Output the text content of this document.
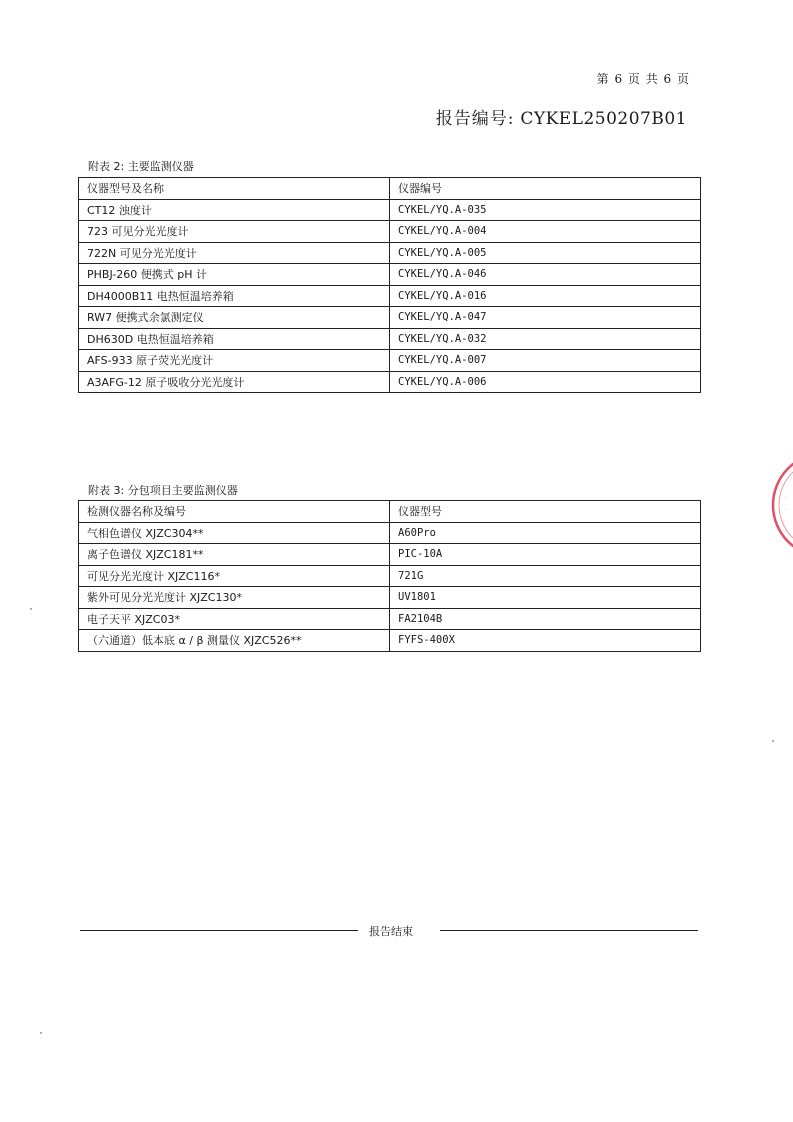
第 6 页 共 6 页
报告编号: CYKEL250207B01
附表 2: 主要监测仪器
仪器型号及名称	仪器编号
CT12 浊度计	CYKEL/YQ.A-035
723 可见分光光度计	CYKEL/YQ.A-004
722N 可见分光光度计	CYKEL/YQ.A-005
PHBJ-260 便携式 pH 计	CYKEL/YQ.A-046
DH4000B11 电热恒温培养箱	CYKEL/YQ.A-016
RW7 便携式余氯测定仪	CYKEL/YQ.A-047
DH630D 电热恒温培养箱	CYKEL/YQ.A-032
AFS-933 原子荧光光度计	CYKEL/YQ.A-007
A3AFG-12 原子吸收分光光度计	CYKEL/YQ.A-006
附表 3: 分包项目主要监测仪器
检测仪器名称及编号	仪器型号
气相色谱仪 XJZC304**	A60Pro
离子色谱仪 XJZC181**	PIC-10A
可见分光光度计 XJZC116*	721G
紫外可见分光光度计 XJZC130*	UV1801
电子天平 XJZC03*	FA2104B
（六通道）低本底 α / β 测量仪 XJZC526**	FYFS-400X
·
·
·
·
报告结束
